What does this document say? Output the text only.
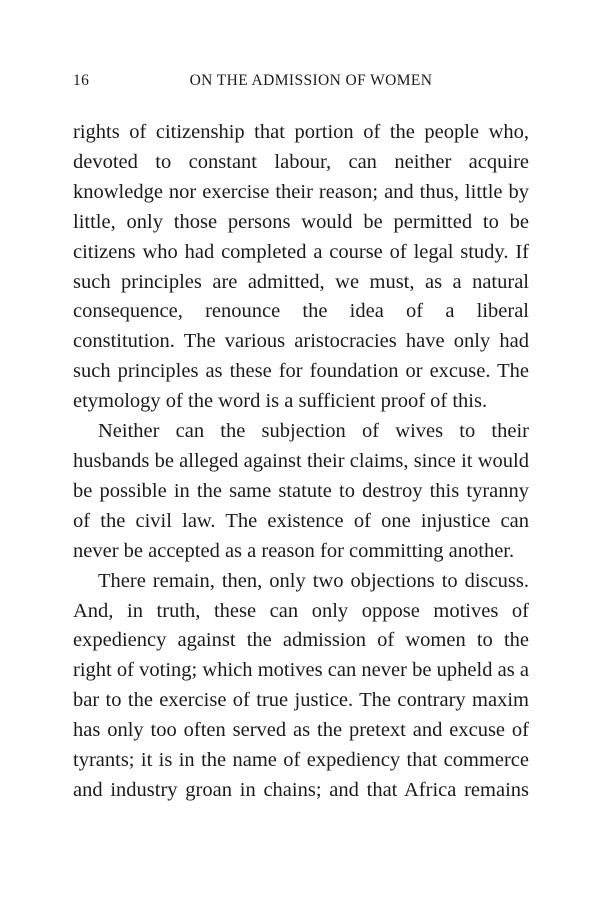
16	ON THE ADMISSION OF WOMEN

rights of citizenship that portion of the people who, devoted to constant labour, can neither acquire knowledge nor exercise their reason; and thus, little by little, only those persons would be permitted to be citizens who had completed a course of legal study. If such principles are admitted, we must, as a natural consequence, renounce the idea of a liberal constitution. The various aristocracies have only had such principles as these for foundation or excuse. The etymology of the word is a sufficient proof of this.

Neither can the subjection of wives to their husbands be alleged against their claims, since it would be possible in the same statute to destroy this tyranny of the civil law. The existence of one injustice can never be accepted as a reason for committing another.

There remain, then, only two objections to discuss. And, in truth, these can only oppose motives of expediency against the admission of women to the right of voting; which motives can never be upheld as a bar to the exercise of true justice. The contrary maxim has only too often served as the pretext and excuse of tyrants; it is in the name of expediency that commerce and industry groan in chains; and that Africa remains
